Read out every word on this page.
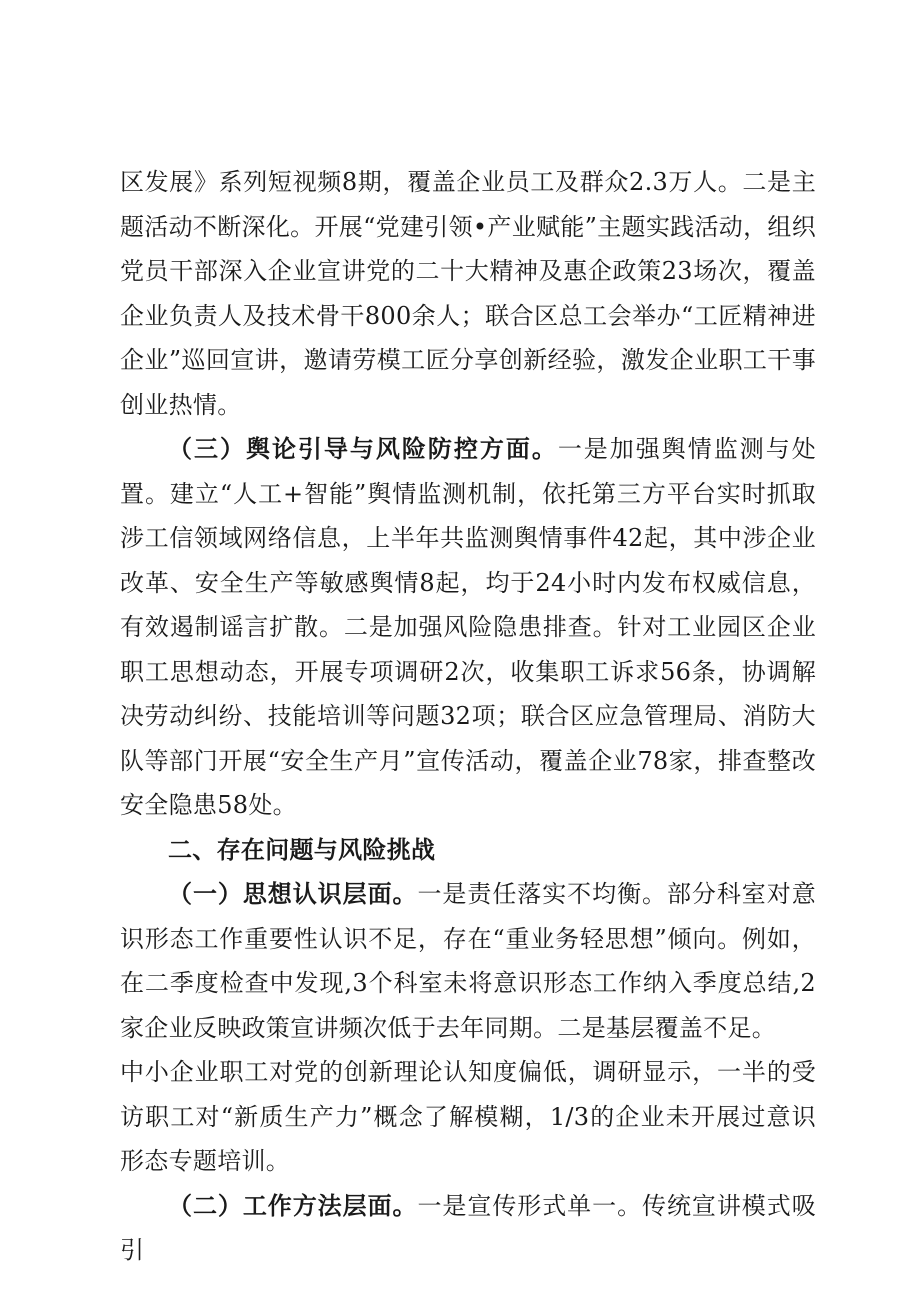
区发展》系列短视频8期，覆盖企业员工及群众2.3万人。二是主题活动不断深化。开展“党建引领•产业赋能”主题实践活动，组织党员干部深入企业宣讲党的二十大精神及惠企政策23场次，覆盖企业负责人及技术骨干800余人；联合区总工会举办“工匠精神进企业”巡回宣讲，邀请劳模工匠分享创新经验，激发企业职工干事创业热情。

（三）舆论引导与风险防控方面。一是加强舆情监测与处置。建立“人工+智能”舆情监测机制，依托第三方平台实时抓取涉工信领域网络信息，上半年共监测舆情事件42起，其中涉企业改革、安全生产等敏感舆情8起，均于24小时内发布权威信息，有效遏制谣言扩散。二是加强风险隐患排查。针对工业园区企业职工思想动态，开展专项调研2次，收集职工诉求56条，协调解决劳动纠纷、技能培训等问题32项；联合区应急管理局、消防大队等部门开展“安全生产月”宣传活动，覆盖企业78家，排查整改安全隐患58处。

二、存在问题与风险挑战

（一）思想认识层面。一是责任落实不均衡。部分科室对意识形态工作重要性认识不足，存在“重业务轻思想”倾向。例如，在二季度检查中发现,3个科室未将意识形态工作纳入季度总结,2家企业反映政策宣讲频次低于去年同期。二是基层覆盖不足。

中小企业职工对党的创新理论认知度偏低，调研显示，一半的受访职工对“新质生产力”概念了解模糊，1/3的企业未开展过意识形态专题培训。

（二）工作方法层面。一是宣传形式单一。传统宣讲模式吸引
